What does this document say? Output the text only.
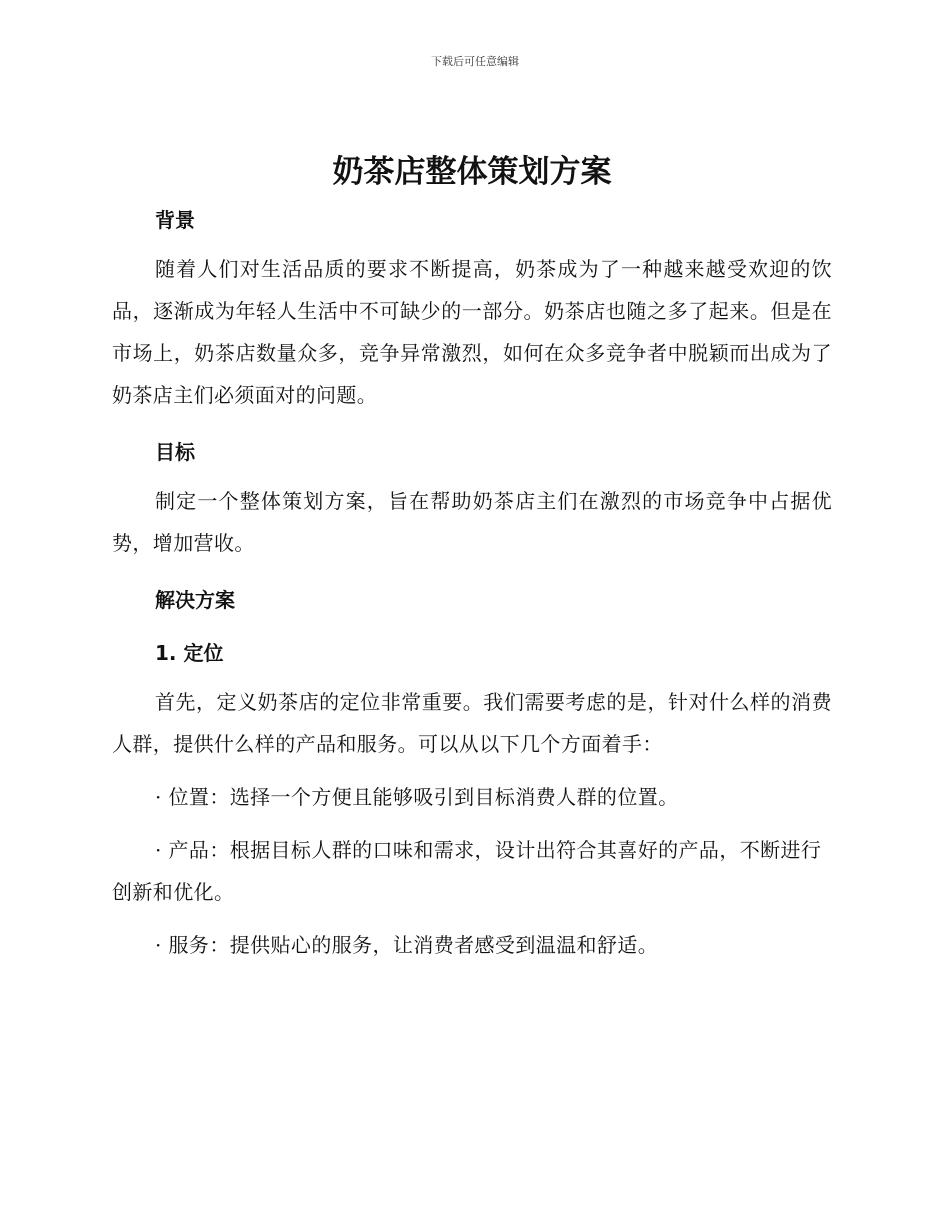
下载后可任意编辑
奶茶店整体策划方案
背景

随着人们对生活品质的要求不断提高，奶茶成为了一种越来越受欢迎的饮品，逐渐成为年轻人生活中不可缺少的一部分。奶茶店也随之多了起来。但是在市场上，奶茶店数量众多，竞争异常激烈，如何在众多竞争者中脱颖而出成为了奶茶店主们必须面对的问题。

目标

制定一个整体策划方案，旨在帮助奶茶店主们在激烈的市场竞争中占据优势，增加营收。

解决方案
1. 定位

首先，定义奶茶店的定位非常重要。我们需要考虑的是，针对什么样的消费人群，提供什么样的产品和服务。可以从以下几个方面着手：

· 位置：选择一个方便且能够吸引到目标消费人群的位置。

· 产品：根据目标人群的口味和需求，设计出符合其喜好的产品，不断进行创新和优化。

· 服务：提供贴心的服务，让消费者感受到温温和舒适。
